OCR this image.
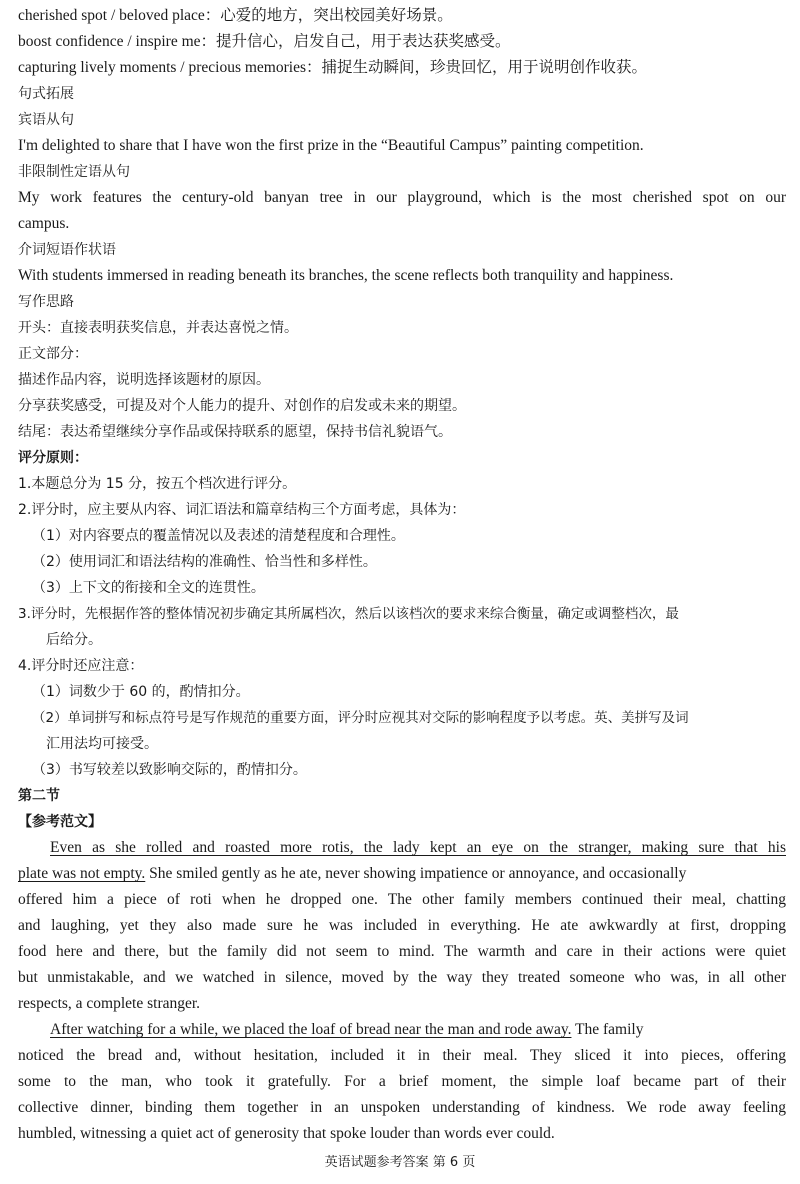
cherished spot / beloved place：心爱的地方，突出校园美好场景。
boost confidence / inspire me：提升信心，启发自己，用于表达获奖感受。
capturing lively moments / precious memories：捕捉生动瞬间，珍贵回忆，用于说明创作收获。
句式拓展
宾语从句
I'm delighted to share that I have won the first prize in the “Beautiful Campus” painting competition.
非限制性定语从句
My work features the century-old banyan tree in our playground, which is the most cherished spot on our
campus.
介词短语作状语
With students immersed in reading beneath its branches, the scene reflects both tranquility and happiness.
写作思路
开头：直接表明获奖信息，并表达喜悦之情。
正文部分：
描述作品内容，说明选择该题材的原因。
分享获奖感受，可提及对个人能力的提升、对创作的启发或未来的期望。
结尾：表达希望继续分享作品或保持联系的愿望，保持书信礼貌语气。
评分原则：
1.本题总分为 15 分，按五个档次进行评分。
2.评分时，应主要从内容、词汇语法和篇章结构三个方面考虑，具体为：
（1）对内容要点的覆盖情况以及表述的清楚程度和合理性。
（2）使用词汇和语法结构的准确性、恰当性和多样性。
（3）上下文的衔接和全文的连贯性。
3.评分时，先根据作答的整体情况初步确定其所属档次，然后以该档次的要求来综合衡量，确定或调整档次，最
后给分。
4.评分时还应注意：
（1）词数少于 60 的，酌情扣分。
（2）单词拼写和标点符号是写作规范的重要方面，评分时应视其对交际的影响程度予以考虑。英、美拼写及词
汇用法均可接受。
（3）书写较差以致影响交际的，酌情扣分。
第二节
【参考范文】
Even as she rolled and roasted more rotis, the lady kept an eye on the stranger, making sure that his
plate was not empty. She smiled gently as he ate, never showing impatience or annoyance, and occasionally
offered him a piece of roti when he dropped one. The other family members continued their meal, chatting
and laughing, yet they also made sure he was included in everything. He ate awkwardly at first, dropping
food here and there, but the family did not seem to mind. The warmth and care in their actions were quiet
but unmistakable, and we watched in silence, moved by the way they treated someone who was, in all other
respects, a complete stranger.
After watching for a while, we placed the loaf of bread near the man and rode away. The family
noticed the bread and, without hesitation, included it in their meal. They sliced it into pieces, offering
some to the man, who took it gratefully. For a brief moment, the simple loaf became part of their
collective dinner, binding them together in an unspoken understanding of kindness. We rode away feeling
humbled, witnessing a quiet act of generosity that spoke louder than words ever could.
英语试题参考答案 第 6 页
